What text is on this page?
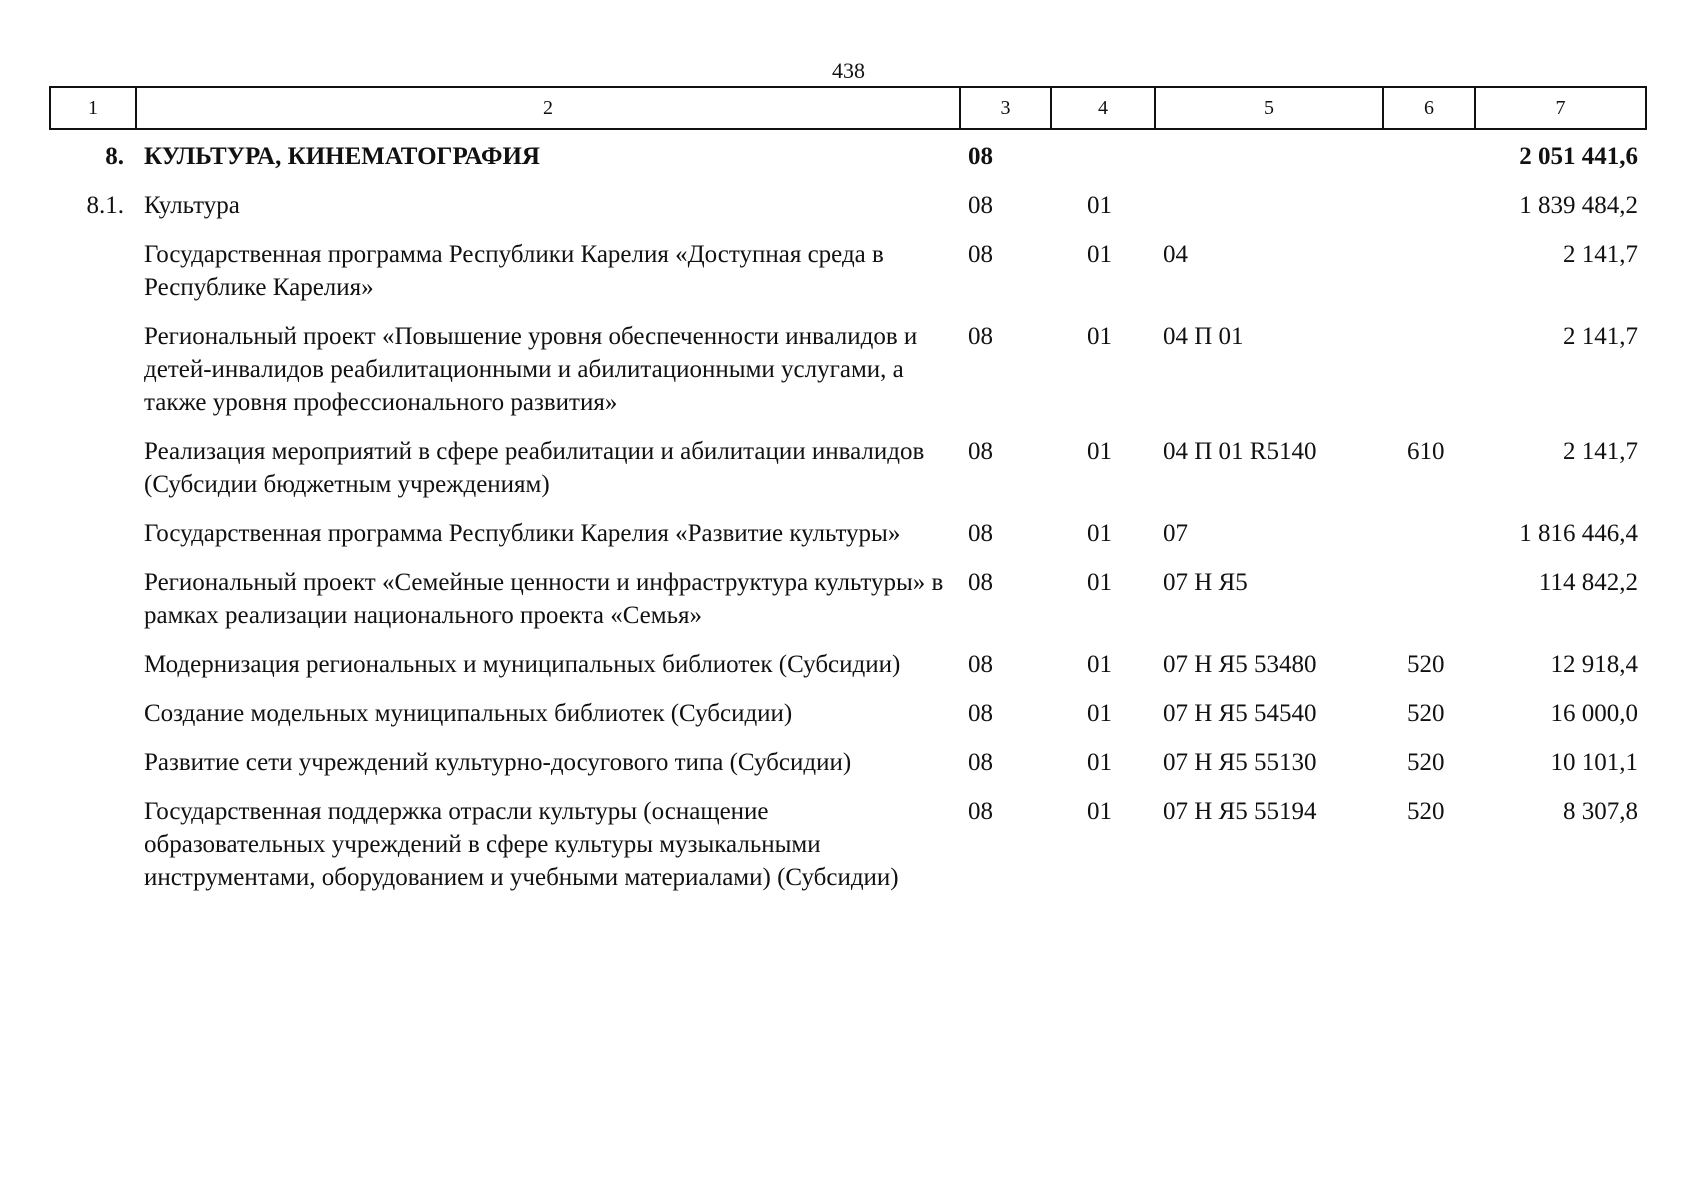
438
1	2	3	4	5	6	7
8.	КУЛЬТУРА, КИНЕМАТОГРАФИЯ	08				2 051 441,6
8.1.	Культура	08	01			1 839 484,2
	Государственная программа Республики Карелия «Доступная среда в Республике Карелия»	08	01	04		2 141,7
	Региональный проект «Повышение уровня обеспеченности инвалидов и детей-инвалидов реабилитационными и абилитационными услугами, а также уровня профессионального развития»	08	01	04 П 01		2 141,7
	Реализация мероприятий в сфере реабилитации и абилитации инвалидов (Субсидии бюджетным учреждениям)	08	01	04 П 01 R5140	610	2 141,7
	Государственная программа Республики Карелия «Развитие культуры»	08	01	07		1 816 446,4
	Региональный проект «Семейные ценности и инфраструктура культуры» в рамках реализации национального проекта «Семья»	08	01	07 Н Я5		114 842,2
	Модернизация региональных и муниципальных библиотек (Субсидии)	08	01	07 Н Я5 53480	520	12 918,4
	Создание модельных муниципальных библиотек (Субсидии)	08	01	07 Н Я5 54540	520	16 000,0
	Развитие сети учреждений культурно-досугового типа (Субсидии)	08	01	07 Н Я5 55130	520	10 101,1
	Государственная поддержка отрасли культуры (оснащение образовательных учреждений в сфере культуры музыкальными инструментами, оборудованием и учебными материалами) (Субсидии)	08	01	07 Н Я5 55194	520	8 307,8
